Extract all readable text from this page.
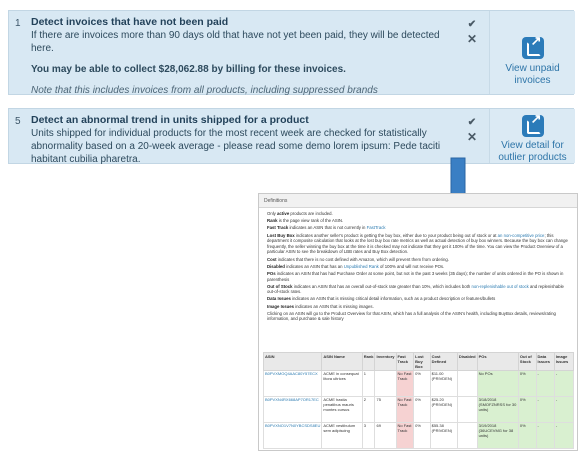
1 Detect invoices that have not been paid
If there are invoices more than 90 days old that have not yet been paid, they will be detected here.
You may be able to collect $28,062.88 by billing for these invoices.
Note that this includes invoices from all products, including suppressed brands
✔
✕
↗
View unpaid invoices
5 Detect an abnormal trend in units shipped for a product
Units shipped for individual products for the most recent week are checked for statistically abnormality based on a 20-week average - please read some demo lorem ipsum: Pede taciti habitant cubilia pharetra.
✔
✕
↗
View detail for outlier products
Definitions

Only active products are included.

Rank is the page view rank of the ASIN.

Fast Track indicates an ASIN that is not currently in FastTrack

Lost Buy Box indicates another seller's product is getting the buy box, either due to your product being out of stock or at an non-competitive price; this department it composite calculation that looks at the lost buy box rate metrics as well as actual detection of buy box winners. Because the buy box can change frequently, the seller winning the buy box at the time it is checked may not indicate that they get it 100% of the time. You can view the Product Overview of a particular ASIN to see the breakdown of LBB rates and Buy Box detection.

Cost indicates that there is no cost defined with Amazon, which will prevent them from ordering.

Disabled indicates an ASIN that has an Unpublished Rank of 100% and will not receive POs.

POs indicates an ASIN that has had Purchase Order at some point, but not in the past 3 weeks (35 days); the number of units ordered in the PO is shown in parenthesis

Out of Stock indicates an ASIN that has an overall out-of-stock rate greater than 10%, which includes both non-replenishable out of stock and replenishable out-of-stock rates.

Data Issues indicates an ASIN that is missing critical detail information, such as a product description or features/bullets

Image Issues indicates an ASIN that is missing images.

Clicking on an ASIN will go to the Product Overview for that ASIN, which has a full analysis of the ASIN's health, including BuyBox details, reviews/rating information, and purchase & sale history

ASIN	ASIN Name	Rank	Inventory	Fast Track	Lost Buy Box	Cost Defined	Disabled	POs	Out of Stock	Data Issues	Image Issues
B0PVXMOQ4AAC80Y57ECX	ACME in consequat litora ultrices	1		No Fast Track	0%	$11.00 (PRIVDEN)		No POs	0%	-	-
B0PVXN4RX668AP7OR17EC	ACME hastia penatibus mauris montes cursus	2	75	No Fast Track	0%	$25.20 (PRIVDEN)		3/18/2018 (SMOFZNRSS for 30 units)	0%	-	-
B0PVXNO1V7N0YBCSDS8EU	ACME vestibulum sem adipiscing	3	69	No Fast Track	0%	$55.38 (PRIVDEN)		3/19/2018 (36UCEVMG for 38 units)	0%	-	-
